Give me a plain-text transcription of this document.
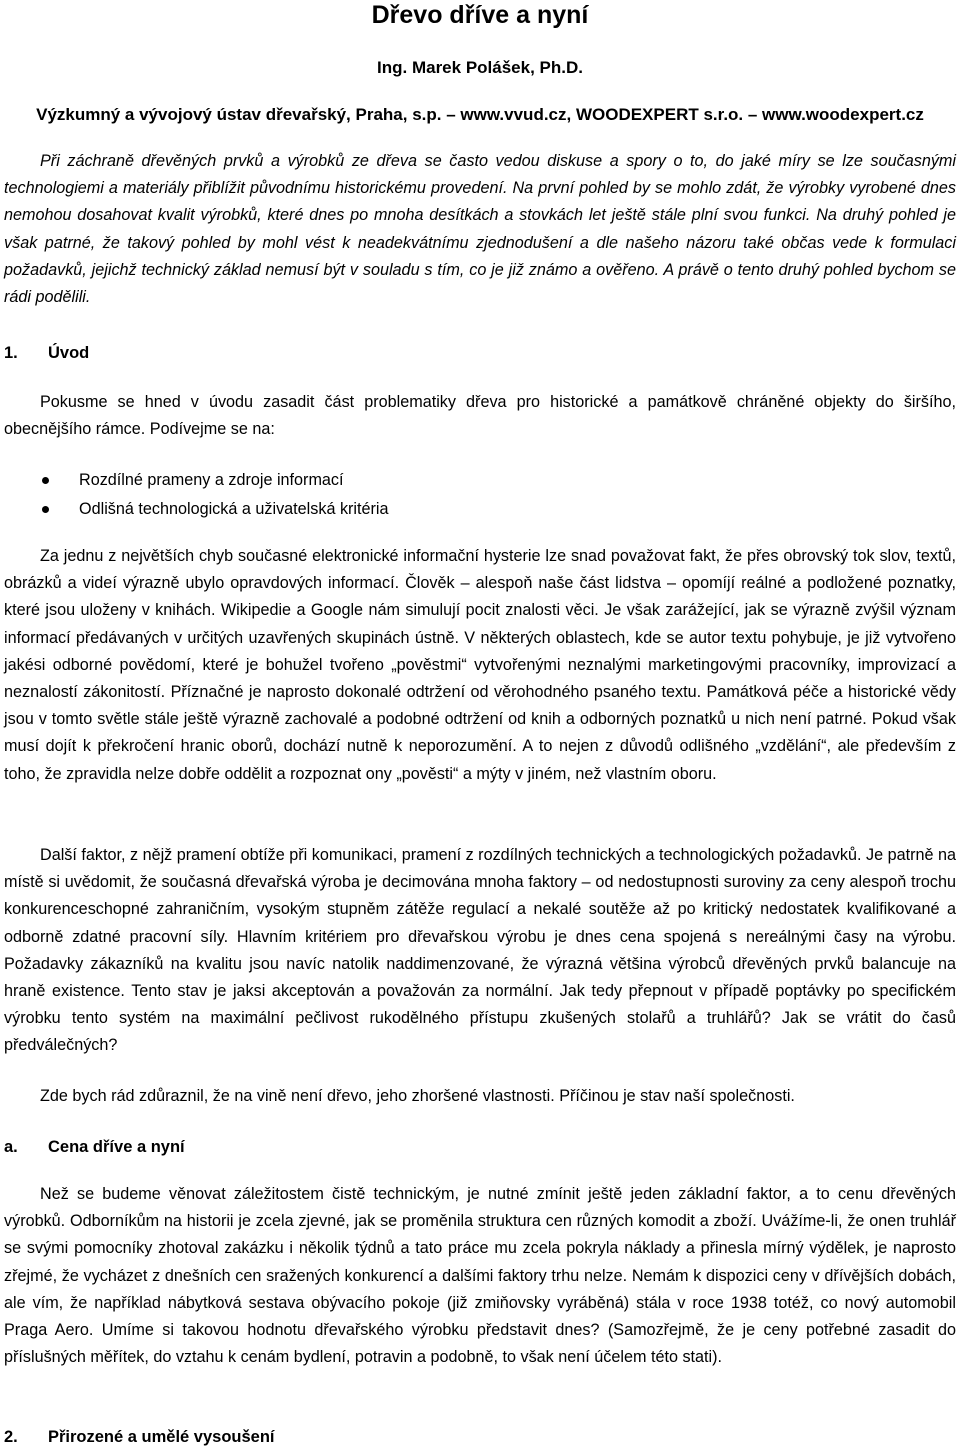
Dřevo dříve a nyní
Ing. Marek Polášek, Ph.D.
Výzkumný a vývojový ústav dřevařský, Praha, s.p. – www.vvud.cz, WOODEXPERT s.r.o. – www.woodexpert.cz

Při záchraně dřevěných prvků a výrobků ze dřeva se často vedou diskuse a spory o to, do jaké míry se lze současnými technologiemi a materiály přiblížit původnímu historickému provedení. Na první pohled by se mohlo zdát, že výrobky vyrobené dnes nemohou dosahovat kvalit výrobků, které dnes po mnoha desítkách a stovkách let ještě stále plní svou funkci. Na druhý pohled je však patrné, že takový pohled by mohl vést k neadekvátnímu zjednodušení a dle našeho názoru také občas vede k formulaci požadavků, jejichž technický základ nemusí být v souladu s tím, co je již známo a ověřeno. A právě o tento druhý pohled bychom se rádi podělili.

1. Úvod

Pokusme se hned v úvodu zasadit část problematiky dřeva pro historické a památkově chráněné objekty do širšího, obecnějšího rámce. Podívejme se na:

Rozdílné prameny a zdroje informací
Odlišná technologická a uživatelská kritéria

Za jednu z největších chyb současné elektronické informační hysterie lze snad považovat fakt, že přes obrovský tok slov, textů, obrázků a videí výrazně ubylo opravdových informací. Člověk – alespoň naše část lidstva – opomíjí reálné a podložené poznatky, které jsou uloženy v knihách. Wikipedie a Google nám simulují pocit znalosti věci. Je však zarážející, jak se výrazně zvýšil význam informací předávaných v určitých uzavřených skupinách ústně. V některých oblastech, kde se autor textu pohybuje, je již vytvořeno jakési odborné povědomí, které je bohužel tvořeno „pověstmi“ vytvořenými neznalými marketingovými pracovníky, improvizací a neznalostí zákonitostí. Příznačné je naprosto dokonalé odtržení od věrohodného psaného textu. Památková péče a historické vědy jsou v tomto světle stále ještě výrazně zachovalé a podobné odtržení od knih a odborných poznatků u nich není patrné. Pokud však musí dojít k překročení hranic oborů, dochází nutně k neporozumění. A to nejen z důvodů odlišného „vzdělání“, ale především z toho, že zpravidla nelze dobře oddělit a rozpoznat ony „pověsti“ a mýty v jiném, než vlastním oboru.

Další faktor, z nějž pramení obtíže při komunikaci, pramení z rozdílných technických a technologických požadavků. Je patrně na místě si uvědomit, že současná dřevařská výroba je decimována mnoha faktory – od nedostupnosti suroviny za ceny alespoň trochu konkurenceschopné zahraničním, vysokým stupněm zátěže regulací a nekalé soutěže až po kritický nedostatek kvalifikované a odborně zdatné pracovní síly. Hlavním kritériem pro dřevařskou výrobu je dnes cena spojená s nereálnými časy na výrobu. Požadavky zákazníků na kvalitu jsou navíc natolik naddimenzované, že výrazná většina výrobců dřevěných prvků balancuje na hraně existence. Tento stav je jaksi akceptován a považován za normální. Jak tedy přepnout v případě poptávky po specifickém výrobku tento systém na maximální pečlivost rukodělného přístupu zkušených stolařů a truhlářů? Jak se vrátit do časů předválečných?

Zde bych rád zdůraznil, že na vině není dřevo, jeho zhoršené vlastnosti. Příčinou je stav naší společnosti.

a. Cena dříve a nyní

Než se budeme věnovat záležitostem čistě technickým, je nutné zmínit ještě jeden základní faktor, a to cenu dřevěných výrobků. Odborníkům na historii je zcela zjevné, jak se proměnila struktura cen různých komodit a zboží. Uvážíme-li, že onen truhlář se svými pomocníky zhotoval zakázku i několik týdnů a tato práce mu zcela pokryla náklady a přinesla mírný výdělek, je naprosto zřejmé, že vycházet z dnešních cen sražených konkurencí a dalšími faktory trhu nelze. Nemám k dispozici ceny v dřívějších dobách, ale vím, že například nábytková sestava obývacího pokoje (již zmiňovsky vyráběná) stála v roce 1938 totéž, co nový automobil Praga Aero. Umíme si takovou hodnotu dřevařského výrobku představit dnes? (Samozřejmě, že je ceny potřebné zasadit do příslušných měřítek, do vztahu k cenám bydlení, potravin a podobně, to však není účelem této stati).

2. Přirozené a umělé vysoušení
